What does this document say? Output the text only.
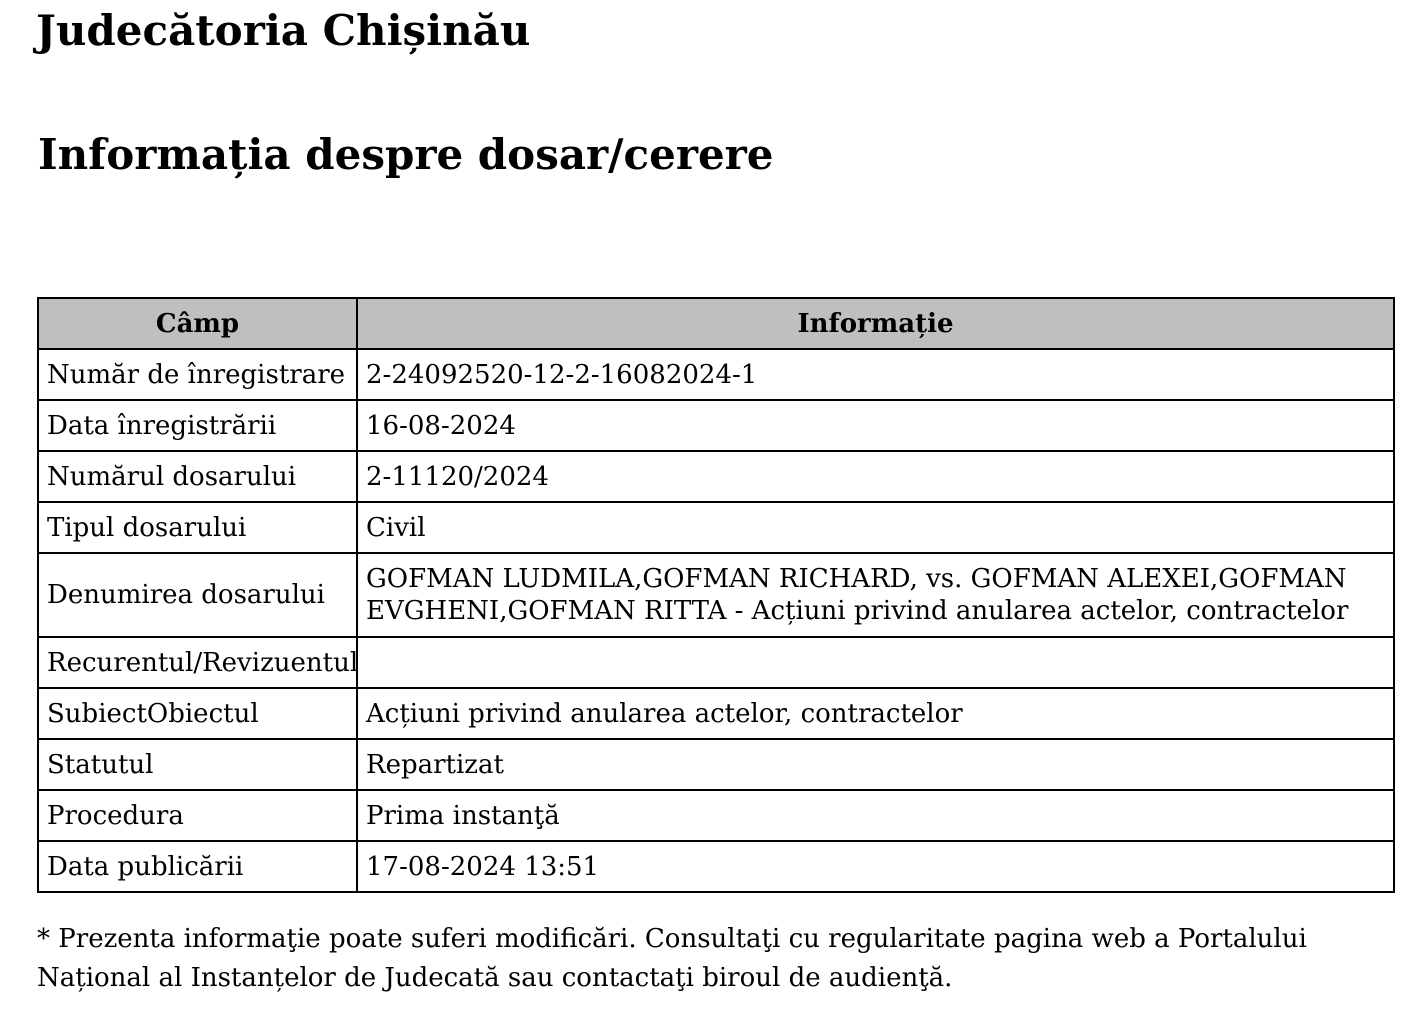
Judecătoria Chișinău
Informația despre dosar/cerere
Câmp	Informație
Număr de înregistrare	2-24092520-12-2-16082024-1
Data înregistrării	16-08-2024
Numărul dosarului	2-11120/2024
Tipul dosarului	Civil
Denumirea dosarului	GOFMAN LUDMILA,GOFMAN RICHARD, vs. GOFMAN ALEXEI,GOFMAN EVGHENI,GOFMAN RITTA - Acțiuni privind anularea actelor, contractelor
Recurentul/Revizuentul	
SubiectObiectul	Acțiuni privind anularea actelor, contractelor
Statutul	Repartizat
Procedura	Prima instanţă
Data publicării	17-08-2024 13:51

* Prezenta informaţie poate suferi modificări. Consultaţi cu regularitate pagina web a Portalului Național al Instanțelor de Judecată sau contactaţi biroul de audienţă.
